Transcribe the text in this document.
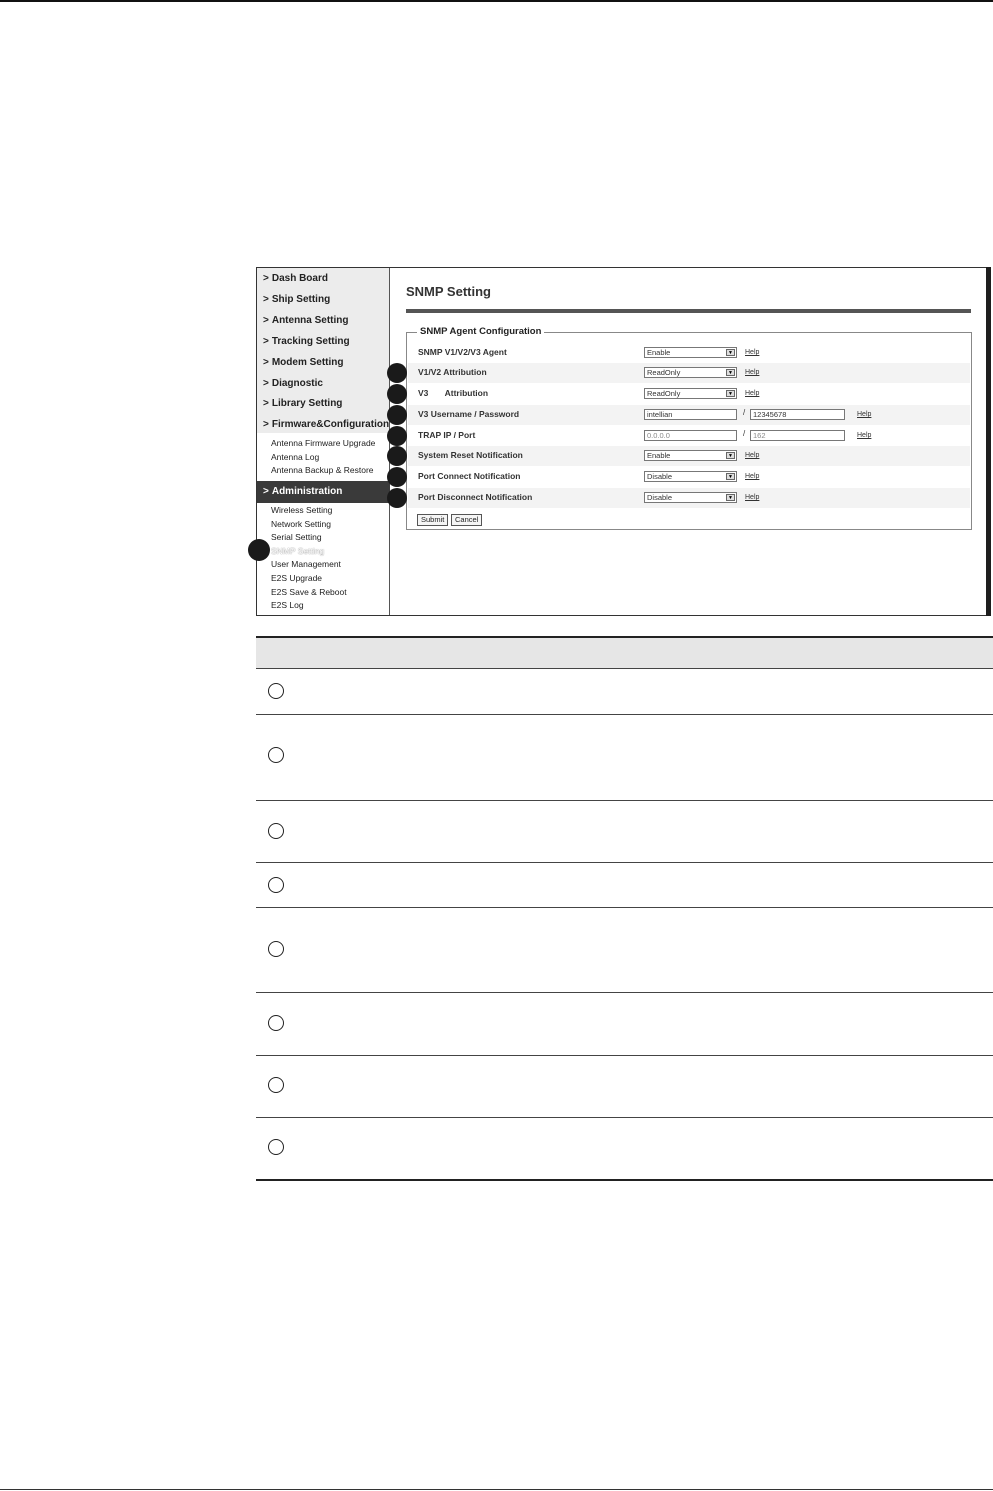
> Dash Board
> Ship Setting
> Antenna Setting
> Tracking Setting
> Modem Setting
> Diagnostic
> Library Setting
> Firmware&Configuration
Antenna Firmware Upgrade
Antenna Log
Antenna Backup & Restore
> Administration
Wireless Setting
Network Setting
Serial Setting
SNMP Setting
User Management
E2S Upgrade
E2S Save & Reboot
E2S Log
SNMP Setting
SNMP Agent Configuration
SNMP V1/V2/V3 Agent	Enable	▼ Help
V1/V2 Attribution	ReadOnly	▼ Help
V3       Attribution	ReadOnly	▼ Help
V3 Username / Password	intellian	/	12345678	Help
TRAP IP / Port	0.0.0.0	/	162	Help
System Reset Notification	Enable	▼ Help
Port Connect Notification	Disable	▼ Help
Port Disconnect Notification	Disable	▼ Help
Submit	Cancel
